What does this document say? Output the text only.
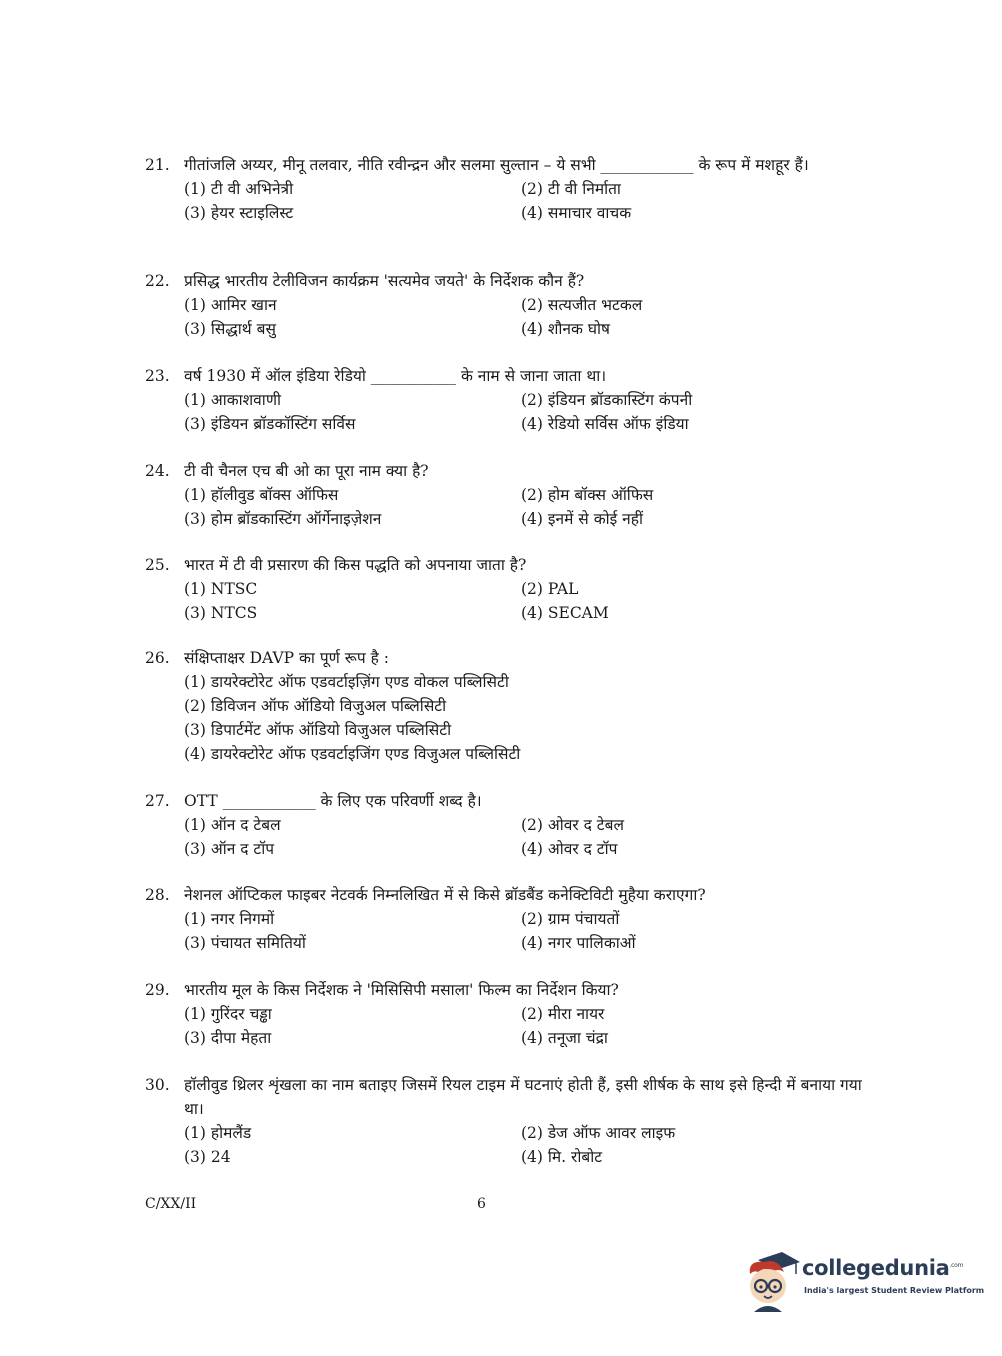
21. गीतांजलि अय्यर, मीनू तलवार, नीति रवीन्द्रन और सलमा सुल्तान – ये सभी ____________ के रूप में मशहूर हैं।
(1) टी वी अभिनेत्री	(2) टी वी निर्माता
(3) हेयर स्टाइलिस्ट	(4) समाचार वाचक
22. प्रसिद्ध भारतीय टेलीविजन कार्यक्रम 'सत्यमेव जयते' के निर्देशक कौन हैं?
(1) आमिर खान	(2) सत्यजीत भटकल
(3) सिद्धार्थ बसु	(4) शौनक घोष
23. वर्ष 1930 में ऑल इंडिया रेडियो ___________ के नाम से जाना जाता था।
(1) आकाशवाणी	(2) इंडियन ब्रॉडकास्टिंग कंपनी
(3) इंडियन ब्रॉडकॉस्टिंग सर्विस	(4) रेडियो सर्विस ऑफ इंडिया
24. टी वी चैनल एच बी ओ का पूरा नाम क्या है?
(1) हॉलीवुड बॉक्स ऑफिस	(2) होम बॉक्स ऑफिस
(3) होम ब्रॉडकास्टिंग ऑर्गेनाइज़ेशन	(4) इनमें से कोई नहीं
25. भारत में टी वी प्रसारण की किस पद्धति को अपनाया जाता है?
(1) NTSC	(2) PAL
(3) NTCS	(4) SECAM
26. संक्षिप्ताक्षर DAVP का पूर्ण रूप है :
(1) डायरेक्टोरेट ऑफ एडवर्टाइज़िंग एण्ड वोकल पब्लिसिटी
(2) डिविजन ऑफ ऑडियो विजुअल पब्लिसिटी
(3) डिपार्टमेंट ऑफ ऑडियो विजुअल पब्लिसिटी
(4) डायरेक्टोरेट ऑफ एडवर्टाइजिंग एण्ड विजुअल पब्लिसिटी
27. OTT ____________ के लिए एक परिवर्णी शब्द है।
(1) ऑन द टेबल	(2) ओवर द टेबल
(3) ऑन द टॉप	(4) ओवर द टॉप
28. नेशनल ऑप्टिकल फाइबर नेटवर्क निम्नलिखित में से किसे ब्रॉडबैंड कनेक्टिविटी मुहैया कराएगा?
(1) नगर निगमों	(2) ग्राम पंचायतों
(3) पंचायत समितियों	(4) नगर पालिकाओं
29. भारतीय मूल के किस निर्देशक ने 'मिसिसिपी मसाला' फिल्म का निर्देशन किया?
(1) गुरिंदर चड्ढा	(2) मीरा नायर
(3) दीपा मेहता	(4) तनूजा चंद्रा
30. हॉलीवुड थ्रिलर शृंखला का नाम बताइए जिसमें रियल टाइम में घटनाएं होती हैं, इसी शीर्षक के साथ इसे हिन्दी में बनाया गया था।
(1) होमलैंड	(2) डेज ऑफ आवर लाइफ
(3) 24	(4) मि. रोबोट
C/XX/II	6
collegedunia$^{.com}$
India's largest Student Review Platform
